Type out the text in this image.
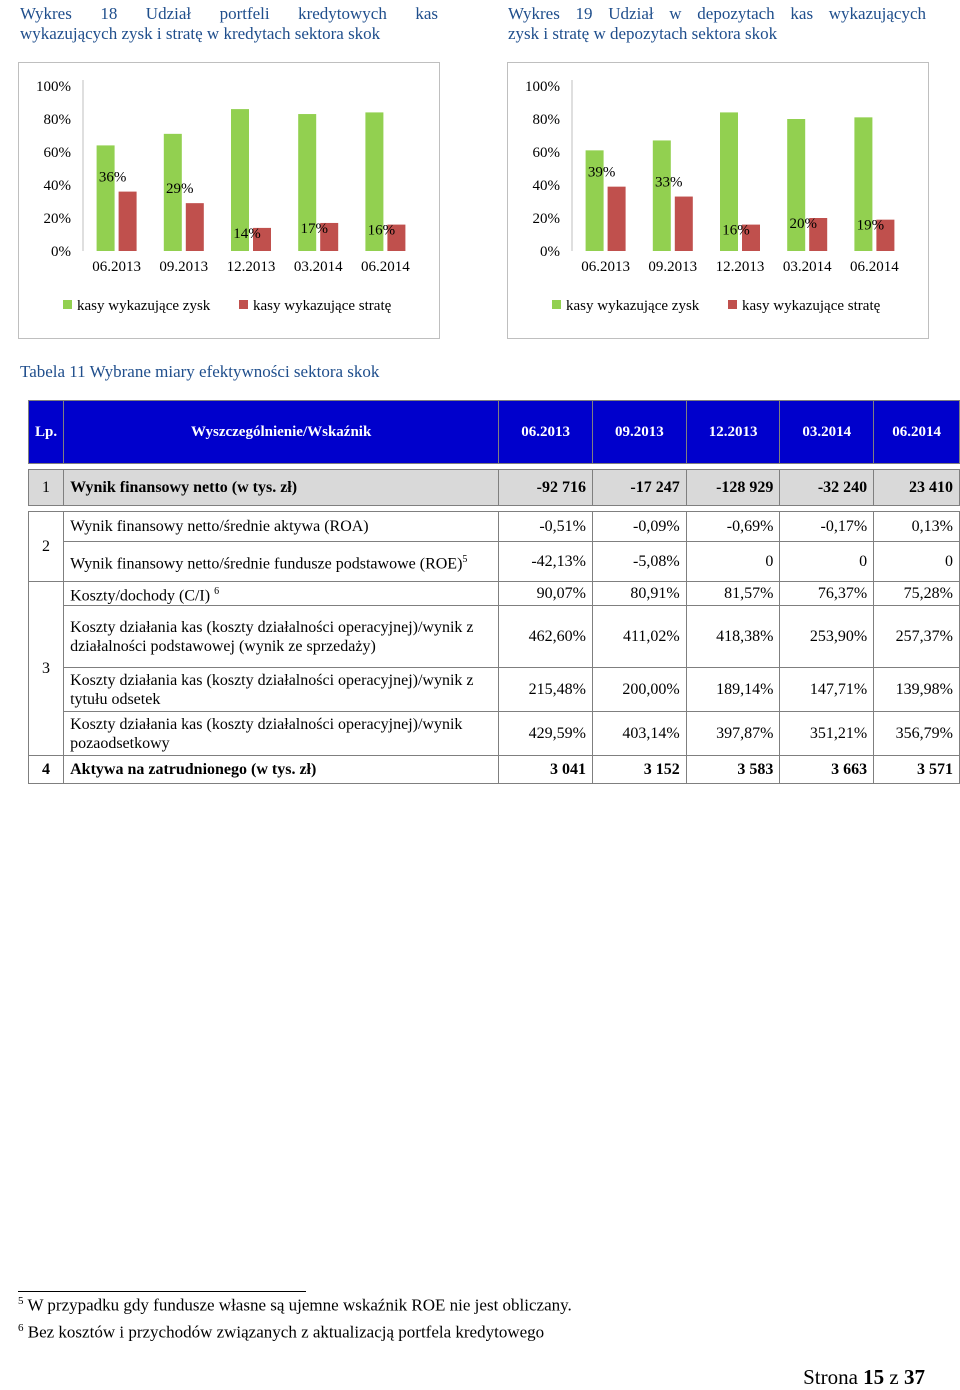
Wykres 18 Udział portfeli kredytowych kas
wykazujących zysk i stratę w kredytach sektora skok
Wykres 19 Udział w depozytach kas wykazujących
zysk i stratę w depozytach sektora skok
0%
20%
40%
60%
80%
100%
36%
06.2013
29%
09.2013
14%
12.2013
17%
03.2014
16%
06.2014
kasy wykazujące zysk	kasy wykazujące stratę
0%
20%
40%
60%
80%
100%
39%
06.2013
33%
09.2013
16%
12.2013
20%
03.2014
19%
06.2014
kasy wykazujące zysk	kasy wykazujące stratę
Tabela 11 Wybrane miary efektywności sektora skok
Lp.	Wyszczególnienie/Wskaźnik	06.2013	09.2013	12.2013	03.2014	06.2014

1	Wynik finansowy netto (w tys. zł)	-92 716	-17 247	-128 929	-32 240	23 410

2	Wynik finansowy netto/średnie aktywa (ROA)	-0,51%	-0,09%	-0,69%	-0,17%	0,13%
	Wynik finansowy netto/średnie fundusze podstawowe (ROE)$^5$	-42,13%	-5,08%	0	0	0
3	Koszty/dochody (C/I) $^6$	90,07%	80,91%	81,57%	76,37%	75,28%
	Koszty działania kas (koszty działalności operacyjnej)/wynik z działalności podstawowej (wynik ze sprzedaży)	462,60%	411,02%	418,38%	253,90%	257,37%
	Koszty działania kas (koszty działalności operacyjnej)/wynik z tytułu odsetek	215,48%	200,00%	189,14%	147,71%	139,98%
	Koszty działania kas (koszty działalności operacyjnej)/wynik pozaodsetkowy	429,59%	403,14%	397,87%	351,21%	356,79%
4	Aktywa na zatrudnionego (w tys. zł)	3 041	3 152	3 583	3 663	3 571
$^5$ W przypadku gdy fundusze własne są ujemne wskaźnik ROE nie jest obliczany.
$^6$ Bez kosztów i przychodów związanych z aktualizacją portfela kredytowego
Strona 15 z 37
